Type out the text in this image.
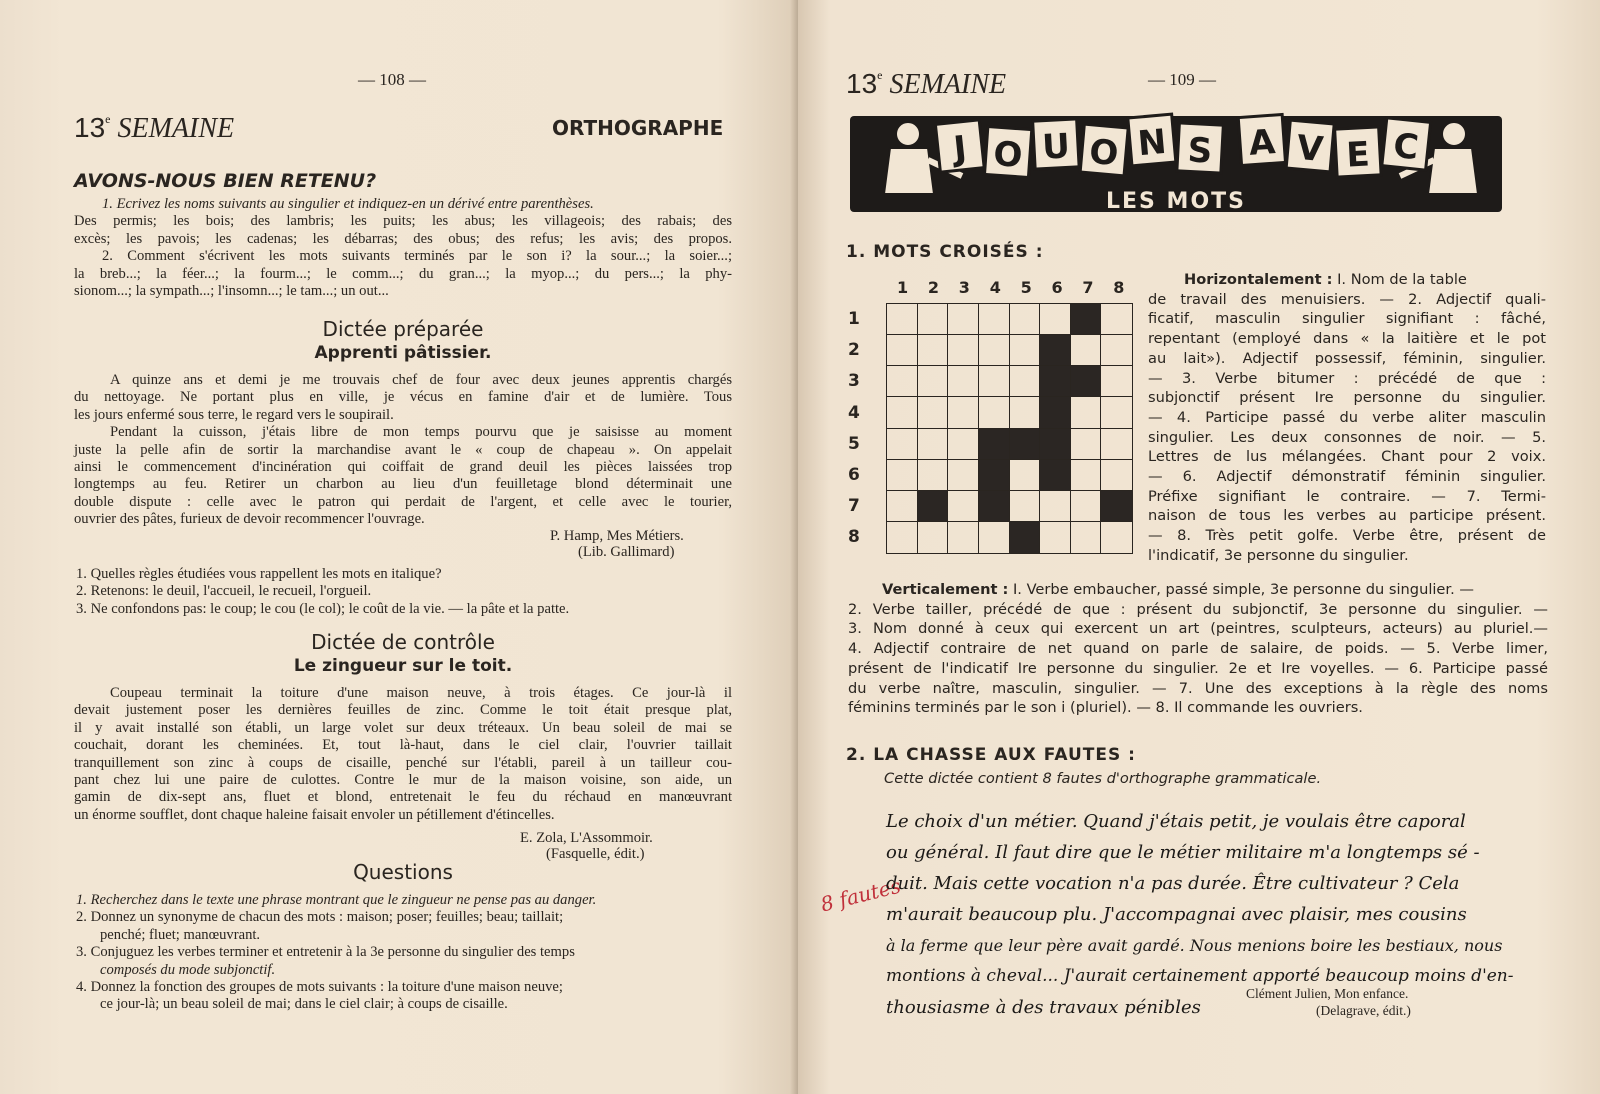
— 108 —
13e SEMAINE	ORTHOGRAPHE
AVONS-NOUS BIEN RETENU?
1. Ecrivez les noms suivants au singulier et indiquez-en un dérivé entre parenthèses.
Des permis; les bois; des lambris; les puits; les abus; les villageois; des rabais; des
excès; les pavois; les cadenas; les débarras; des obus; des refus; les avis; des propos.
2. Comment s'écrivent les mots suivants terminés par le son i? la sour...; la soier...;
la breb...; la féer...; la fourm...; le comm...; du gran...; la myop...; du pers...; la phy-
sionom...; la sympath...; l'insomn...; le tam...; un out...
Dictée préparée
Apprenti pâtissier.
A quinze ans et demi je me trouvais chef de four avec deux jeunes apprentis chargés
du nettoyage. Ne portant plus en ville, je vécus en famine d'air et de lumière. Tous
les jours enfermé sous terre, le regard vers le soupirail.
Pendant la cuisson, j'étais libre de mon temps pourvu que je saisisse au moment
juste la pelle afin de sortir la marchandise avant le « coup de chapeau ». On appelait
ainsi le commencement d'incinération qui coiffait de grand deuil les pièces laissées trop
longtemps au feu. Retirer un charbon au lieu d'un feuilletage blond déterminait une
double dispute : celle avec le patron qui perdait de l'argent, et celle avec le tourier,
ouvrier des pâtes, furieux de devoir recommencer l'ouvrage.
P. Hamp, Mes Métiers.
(Lib. Gallimard)
1. Quelles règles étudiées vous rappellent les mots en italique?
2. Retenons: le deuil, l'accueil, le recueil, l'orgueil.
3. Ne confondons pas: le coup; le cou (le col); le coût de la vie. — la pâte et la patte.
Dictée de contrôle
Le zingueur sur le toit.
Coupeau terminait la toiture d'une maison neuve, à trois étages. Ce jour-là il
devait justement poser les dernières feuilles de zinc. Comme le toit était presque plat,
il y avait installé son établi, un large volet sur deux tréteaux. Un beau soleil de mai se
couchait, dorant les cheminées. Et, tout là-haut, dans le ciel clair, l'ouvrier taillait
tranquillement son zinc à coups de cisaille, penché sur l'établi, pareil à un tailleur cou-
pant chez lui une paire de culottes. Contre le mur de la maison voisine, son aide, un
gamin de dix-sept ans, fluet et blond, entretenait le feu du réchaud en manœuvrant
un énorme soufflet, dont chaque haleine faisait envoler un pétillement d'étincelles.
E. Zola, L'Assommoir.
(Fasquelle, édit.)
Questions
1. Recherchez dans le texte une phrase montrant que le zingueur ne pense pas au danger.
2. Donnez un synonyme de chacun des mots : maison; poser; feuilles; beau; taillait;
penché; fluet; manœuvrant.
3. Conjuguez les verbes terminer et entretenir à la 3e personne du singulier des temps
composés du mode subjonctif.
4. Donnez la fonction des groupes de mots suivants : la toiture d'une maison neuve;
ce jour-là; un beau soleil de mai; dans le ciel clair; à coups de cisaille.
13e SEMAINE	— 109 —
J O U O N S A V E C
LES MOTS
1. MOTS CROISÉS :
1 2 3 4 5 6 7 8
1
2
3
4
5
6
7
8
Horizontalement : I. Nom de la table
de travail des menuisiers. — 2. Adjectif quali-
ficatif, masculin singulier signifiant : fâché,
repentant (employé dans « la laitière et le pot
au lait»). Adjectif possessif, féminin, singulier.
— 3. Verbe bitumer : précédé de que :
subjonctif présent Ire personne du singulier.
— 4. Participe passé du verbe aliter masculin
singulier. Les deux consonnes de noir. — 5.
Lettres de lus mélangées. Chant pour 2 voix.
— 6. Adjectif démonstratif féminin singulier.
Préfixe signifiant le contraire. — 7. Termi-
naison de tous les verbes au participe présent.
— 8. Très petit golfe. Verbe être, présent de
l'indicatif, 3e personne du singulier.
Verticalement : I. Verbe embaucher, passé simple, 3e personne du singulier. —
2. Verbe tailler, précédé de que : présent du subjonctif, 3e personne du singulier. —
3. Nom donné à ceux qui exercent un art (peintres, sculpteurs, acteurs) au pluriel.—
4. Adjectif contraire de net quand on parle de salaire, de poids. — 5. Verbe limer,
présent de l'indicatif Ire personne du singulier. 2e et Ire voyelles. — 6. Participe passé
du verbe naître, masculin, singulier. — 7. Une des exceptions à la règle des noms
féminins terminés par le son i (pluriel). — 8. Il commande les ouvriers.
2. LA CHASSE AUX FAUTES :
Cette dictée contient 8 fautes d'orthographe grammaticale.
8 fautes
Le choix d'un métier. Quand j'étais petit, je voulais être caporal
ou général. Il faut dire que le métier militaire m'a longtemps sé -
duit. Mais cette vocation n'a pas durée. Être cultivateur ? Cela
m'aurait beaucoup plu. J'accompagnai avec plaisir, mes cousins
à la ferme que leur père avait gardé. Nous menions boire les bestiaux, nous
montions à cheval... J'aurait certainement apporté beaucoup moins d'en-
thousiasme à des travaux pénibles
Clément Julien, Mon enfance.
(Delagrave, édit.)
